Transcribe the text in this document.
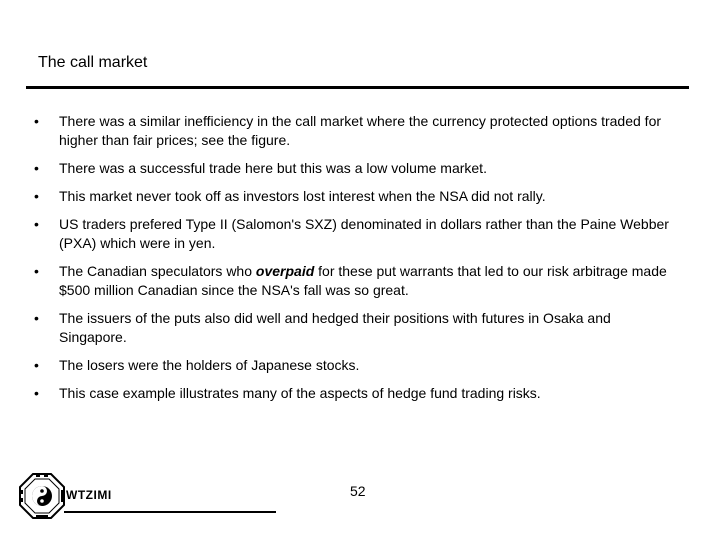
The call market
• There was a similar inefficiency in the call market where the currency protected options traded for higher than fair prices; see the figure.
• There was a successful trade here but this was a low volume market.
• This market never took off as investors lost interest when the NSA did not rally.
• US traders prefered Type II (Salomon's SXZ) denominated in dollars rather than the Paine Webber (PXA) which were in yen.
• The Canadian speculators who overpaid for these put warrants that led to our risk arbitrage made $500 million Canadian since the NSA's fall was so great.
• The issuers of the puts also did well and hedged their positions with futures in Osaka and Singapore.
• The losers were the holders of Japanese stocks.
• This case example illustrates many of the aspects of hedge fund trading risks.
52
WTZIMI
